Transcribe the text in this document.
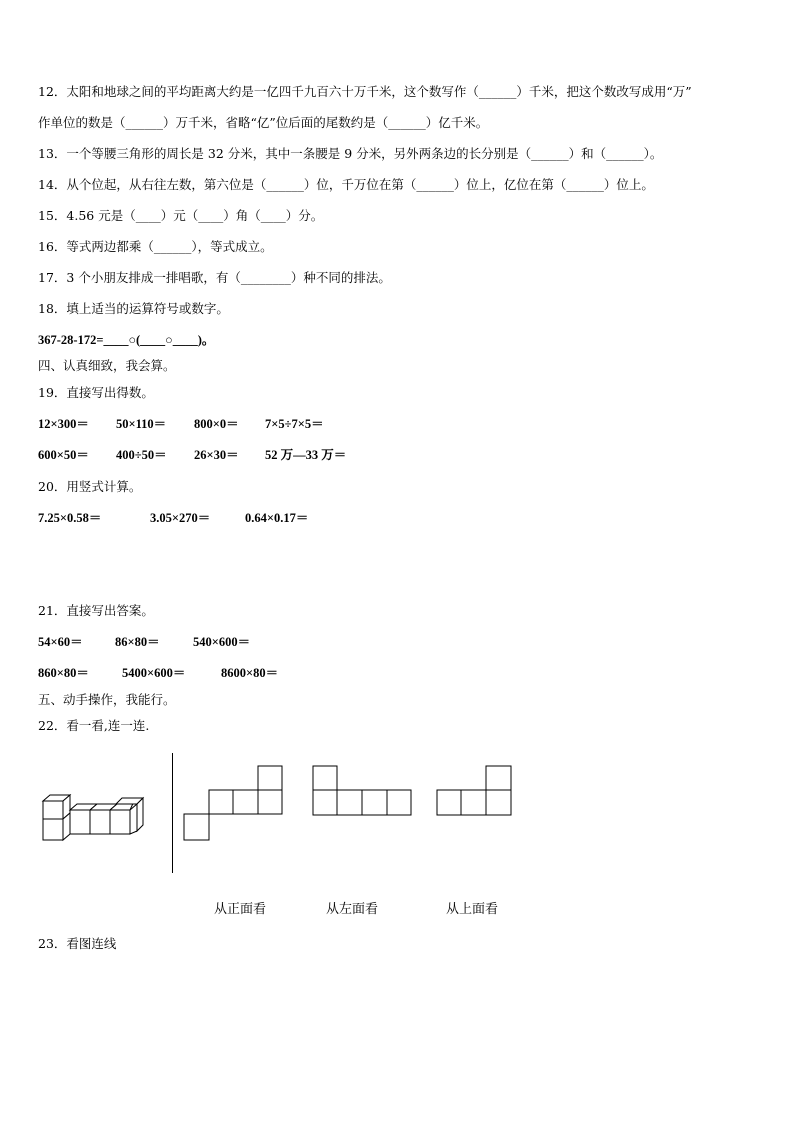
12．太阳和地球之间的平均距离大约是一亿四千九百六十万千米，这个数写作（______）千米，把这个数改写成用“万”
作单位的数是（______）万千米，省略“亿”位后面的尾数约是（______）亿千米。
13．一个等腰三角形的周长是 32 分米，其中一条腰是 9 分米，另外两条边的长分别是（______）和（______）。
14．从个位起，从右往左数，第六位是（______）位，千万位在第（______）位上，亿位在第（______）位上。
15．4.56 元是（____）元（____）角（____）分。
16．等式两边都乘（______），等式成立。
17．3 个小朋友排成一排唱歌，有（________）种不同的排法。
18．填上适当的运算符号或数字。
367-28-172=____○(____○____)。
四、认真细致，我会算。
19．直接写出得数。
12×300＝ 50×110＝ 800×0＝ 7×5÷7×5＝
600×50＝ 400÷50＝ 26×30＝ 52 万—33 万＝
20．用竖式计算。
7.25×0.58＝	3.05×270＝	0.64×0.17＝
21．直接写出答案。
54×60＝	86×80＝	540×600＝
860×80＝	5400×600＝	8600×80＝
五、动手操作，我能行。
22．看一看,连一连.
从正面看	从左面看	从上面看
23．看图连线
